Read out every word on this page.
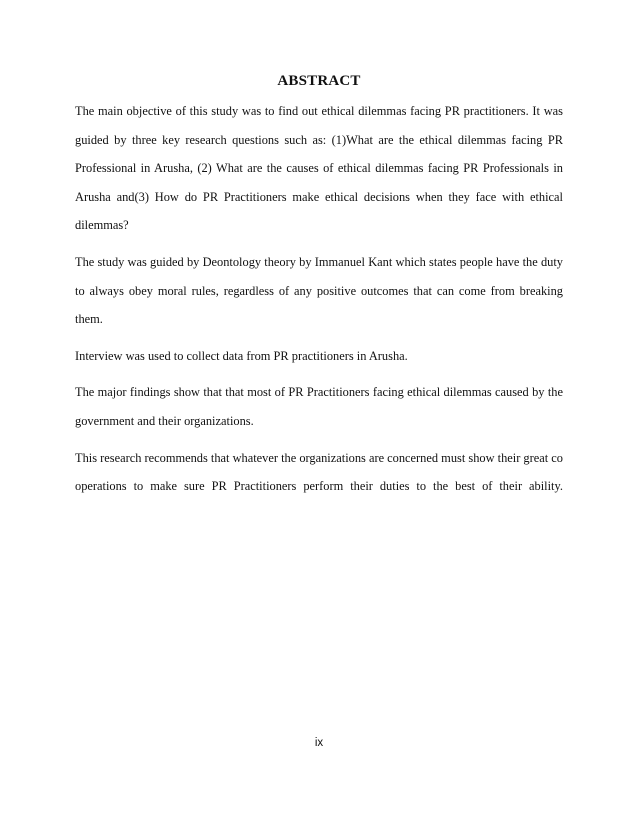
ABSTRACT

The main objective of this study was to find out ethical dilemmas facing PR practitioners. It was guided by three key research questions such as: (1)What are the ethical dilemmas facing PR Professional in Arusha, (2) What are the causes of ethical dilemmas facing PR Professionals in Arusha and(3) How do PR Practitioners make ethical decisions when they face with ethical dilemmas?

The study was guided by Deontology theory by Immanuel Kant which states people have the duty to always obey moral rules, regardless of any positive outcomes that can come from breaking them.

Interview was used to collect data from PR practitioners in Arusha.

The major findings show that that most of PR Practitioners facing ethical dilemmas caused by the government and their organizations.

This research recommends that whatever the organizations are concerned must show their great co operations to make sure PR Practitioners perform their duties to the best of their ability.

ix
